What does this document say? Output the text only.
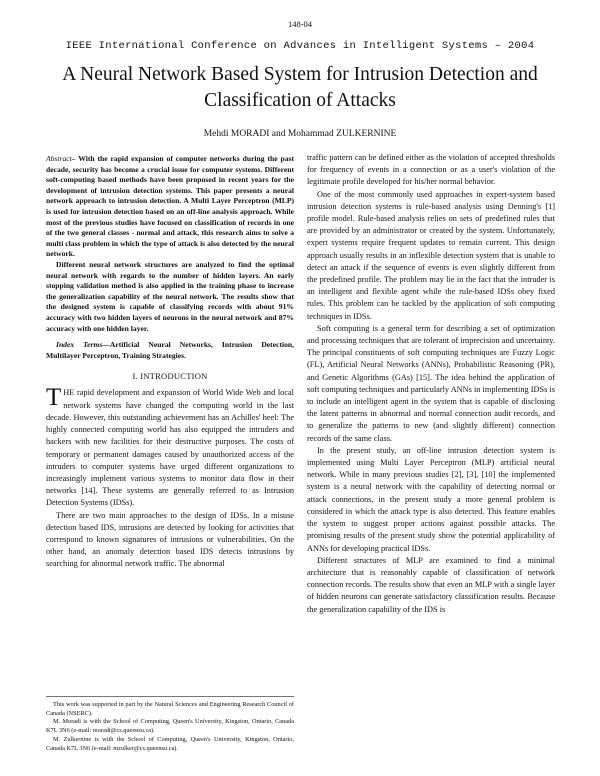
148-04
IEEE International Conference on Advances in Intelligent Systems – 2004
A Neural Network Based System for Intrusion Detection and Classification of Attacks
Mehdi MORADI and Mohammad ZULKERNINE

Abstract– With the rapid expansion of computer networks during the past decade, security has become a crucial issue for computer systems. Different soft-computing based methods have been proposed in recent years for the development of intrusion detection systems. This paper presents a neural network approach to intrusion detection. A Multi Layer Perceptron (MLP) is used for intrusion detection based on an off-line analysis approach. While most of the previous studies have focused on classification of records in one of the two general classes - normal and attack, this research aims to solve a multi class problem in which the type of attack is also detected by the neural network.

Different neural network structures are analyzed to find the optimal neural network with regards to the number of hidden layers. An early stopping validation method is also applied in the training phase to increase the generalization capability of the neural network. The results show that the designed system is capable of classifying records with about 91% accuracy with two hidden layers of neurons in the neural network and 87% accuracy with one hidden layer.

Index Terms—Artificial Neural Networks, Intrusion Detection, Multilayer Perceptron, Training Strategies.

I. INTRODUCTION

THE rapid development and expansion of World Wide Web and local network systems have changed the computing world in the last decade. However, this outstanding achievement has an Achilles' heel: The highly connected computing world has also equipped the intruders and hackers with new facilities for their destructive purposes. The costs of temporary or permanent damages caused by unauthorized access of the intruders to computer systems have urged different organizations to increasingly implement various systems to monitor data flow in their networks [14]. These systems are generally referred to as Intrusion Detection Systems (IDSs).

There are two main approaches to the design of IDSs. In a misuse detection based IDS, intrusions are detected by looking for activities that correspond to known signatures of intrusions or vulnerabilities. On the other hand, an anomaly detection based IDS detects intrusions by searching for abnormal network traffic. The abnormal

traffic pattern can be defined either as the violation of accepted thresholds for frequency of events in a connection or as a user's violation of the legitimate profile developed for his/her normal behavior.

One of the most commonly used approaches in expert-system based intrusion detection systems is rule-based analysis using Denning's [1] profile model. Rule-based analysis relies on sets of predefined rules that are provided by an administrator or created by the system. Unfortunately, expert systems require frequent updates to remain current. This design approach usually results in an inflexible detection system that is unable to detect an attack if the sequence of events is even slightly different from the predefined profile. The problem may lie in the fact that the intruder is an intelligent and flexible agent while the rule-based IDSs obey fixed rules. This problem can be tackled by the application of soft computing techniques in IDSs.

Soft computing is a general term for describing a set of optimization and processing techniques that are tolerant of imprecision and uncertainty. The principal constituents of soft computing techniques are Fuzzy Logic (FL), Artificial Neural Networks (ANNs), Probabilistic Reasoning (PR), and Genetic Algorithms (GAs) [15]. The idea behind the application of soft computing techniques and particularly ANNs in implementing IDSs is to include an intelligent agent in the system that is capable of disclosing the latent patterns in abnormal and normal connection audit records, and to generalize the patterns to new (and slightly different) connection records of the same class.

In the present study, an off-line intrusion detection system is implemented using Multi Layer Perceptron (MLP) artificial neural network. While in many previous studies [2], [3], [10] the implemented system is a neural network with the capability of detecting normal or attack connections, in the present study a more general problem is considered in which the attack type is also detected. This feature enables the system to suggest proper actions against possible attacks. The promising results of the present study show the potential applicability of ANNs for developing practical IDSs.

Different structures of MLP are examined to find a minimal architecture that is reasonably capable of classification of network connection records. The results show that even an MLP with a single layer of hidden neurons can generate satisfactory classification results. Because the generalization capability of the IDS is

This work was supported in part by the Natural Sciences and Engineering Research Council of Canada (NSERC).

M. Moradi is with the School of Computing, Queen's University, Kingston, Ontario, Canada K7L 3N6 (e-mail: moradi@cs.queensu.ca).

M. Zulkernine is with the School of Computing, Queen's University, Kingston, Ontario, Canada K7L 3N6 (e-mail: mzulker@cs.queensu.ca).
